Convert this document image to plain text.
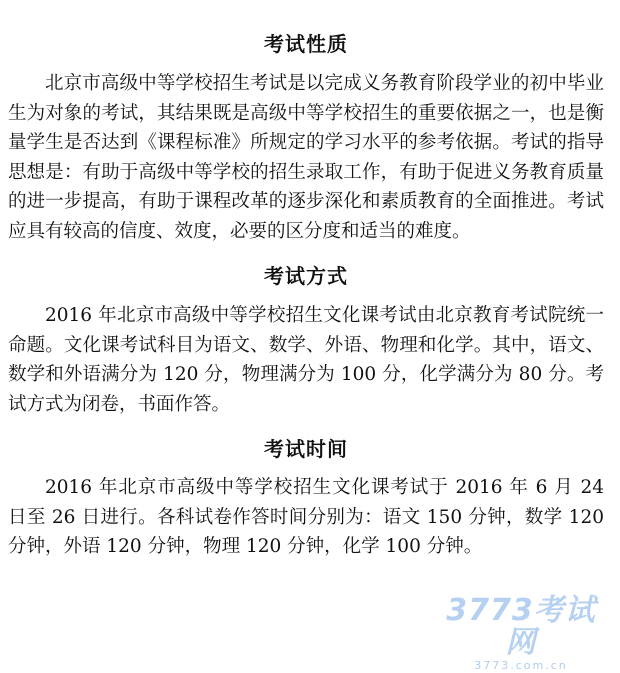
考试性质

北京市高级中等学校招生考试是以完成义务教育阶段学业的初中毕业生为对象的考试，其结果既是高级中等学校招生的重要依据之一，也是衡量学生是否达到《课程标准》所规定的学习水平的参考依据。考试的指导思想是：有助于高级中等学校的招生录取工作，有助于促进义务教育质量的进一步提高，有助于课程改革的逐步深化和素质教育的全面推进。考试应具有较高的信度、效度，必要的区分度和适当的难度。

考试方式

2016 年北京市高级中等学校招生文化课考试由北京教育考试院统一命题。文化课考试科目为语文、数学、外语、物理和化学。其中，语文、数学和外语满分为 120 分，物理满分为 100 分，化学满分为 80 分。考试方式为闭卷，书面作答。

考试时间

2016 年北京市高级中等学校招生文化课考试于 2016 年 6 月 24 日至 26 日进行。各科试卷作答时间分别为：语文 150 分钟，数学 120 分钟，外语 120 分钟，物理 120 分钟，化学 100 分钟。

3773考试网
3773.com.cn
